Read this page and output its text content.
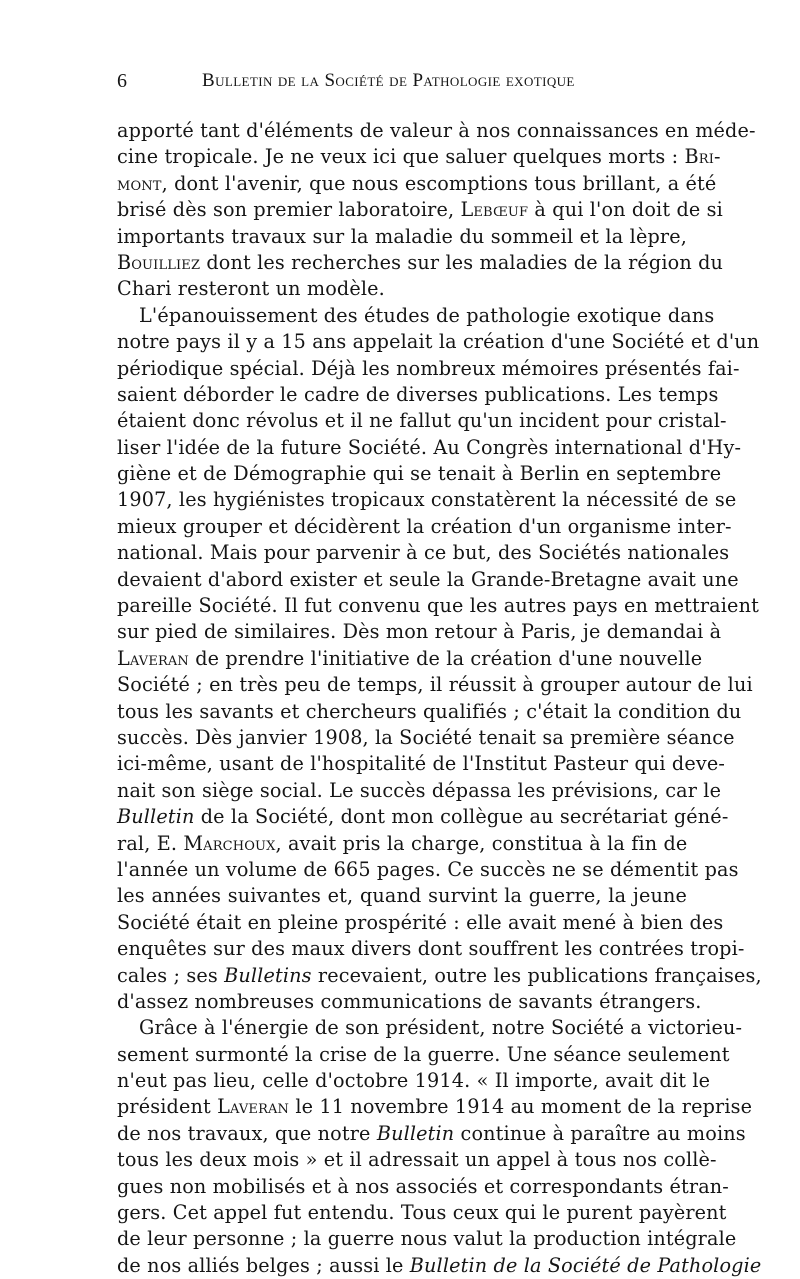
6	Bulletin de la Société de Pathologie exotique
apporté tant d'éléments de valeur à nos connaissances en méde-
cine tropicale. Je ne veux ici que saluer quelques morts : Bri-
mont, dont l'avenir, que nous escomptions tous brillant, a été
brisé dès son premier laboratoire, Lebœuf à qui l'on doit de si
importants travaux sur la maladie du sommeil et la lèpre,
Bouilliez dont les recherches sur les maladies de la région du
Chari resteront un modèle.
L'épanouissement des études de pathologie exotique dans
notre pays il y a 15 ans appelait la création d'une Société et d'un
périodique spécial. Déjà les nombreux mémoires présentés fai-
saient déborder le cadre de diverses publications. Les temps
étaient donc révolus et il ne fallut qu'un incident pour cristal-
liser l'idée de la future Société. Au Congrès international d'Hy-
giène et de Démographie qui se tenait à Berlin en septembre
1907, les hygiénistes tropicaux constatèrent la nécessité de se
mieux grouper et décidèrent la création d'un organisme inter-
national. Mais pour parvenir à ce but, des Sociétés nationales
devaient d'abord exister et seule la Grande-Bretagne avait une
pareille Société. Il fut convenu que les autres pays en mettraient
sur pied de similaires. Dès mon retour à Paris, je demandai à
Laveran de prendre l'initiative de la création d'une nouvelle
Société ; en très peu de temps, il réussit à grouper autour de lui
tous les savants et chercheurs qualifiés ; c'était la condition du
succès. Dès janvier 1908, la Société tenait sa première séance
ici-même, usant de l'hospitalité de l'Institut Pasteur qui deve-
nait son siège social. Le succès dépassa les prévisions, car le
Bulletin de la Société, dont mon collègue au secrétariat géné-
ral, E. Marchoux, avait pris la charge, constitua à la fin de
l'année un volume de 665 pages. Ce succès ne se démentit pas
les années suivantes et, quand survint la guerre, la jeune
Société était en pleine prospérité : elle avait mené à bien des
enquêtes sur des maux divers dont souffrent les contrées tropi-
cales ; ses Bulletins recevaient, outre les publications françaises,
d'assez nombreuses communications de savants étrangers.
Grâce à l'énergie de son président, notre Société a victorieu-
sement surmonté la crise de la guerre. Une séance seulement
n'eut pas lieu, celle d'octobre 1914. « Il importe, avait dit le
président Laveran le 11 novembre 1914 au moment de la reprise
de nos travaux, que notre Bulletin continue à paraître au moins
tous les deux mois » et il adressait un appel à tous nos collè-
gues non mobilisés et à nos associés et correspondants étran-
gers. Cet appel fut entendu. Tous ceux qui le purent payèrent
de leur personne ; la guerre nous valut la production intégrale
de nos alliés belges ; aussi le Bulletin de la Société de Pathologie
